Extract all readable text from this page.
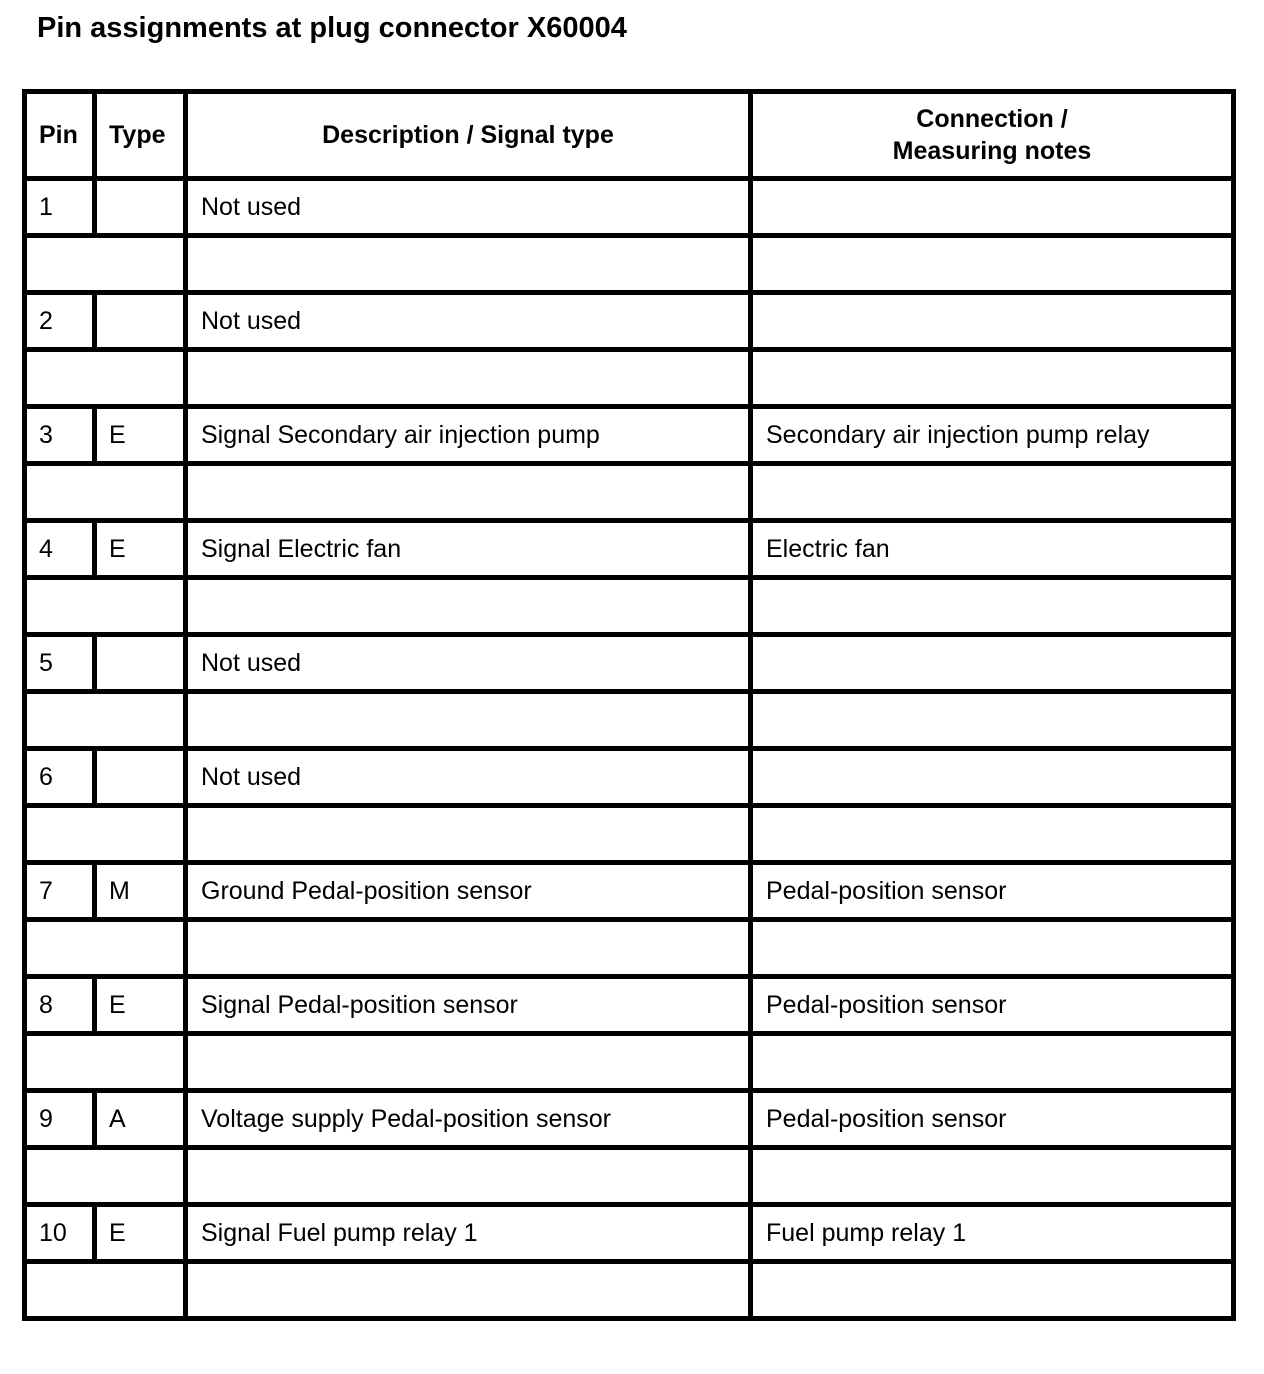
Pin assignments at plug connector X60004
Pin	Type	Description / Signal type	Connection /
Measuring notes

1		Not used	

2		Not used	

3	E	Signal Secondary air injection pump	Secondary air injection pump relay

4	E	Signal Electric fan	Electric fan

5		Not used	

6		Not used	

7	M	Ground Pedal-position sensor	Pedal-position sensor

8	E	Signal Pedal-position sensor	Pedal-position sensor

9	A	Voltage supply Pedal-position sensor	Pedal-position sensor

10	E	Signal Fuel pump relay 1	Fuel pump relay 1
